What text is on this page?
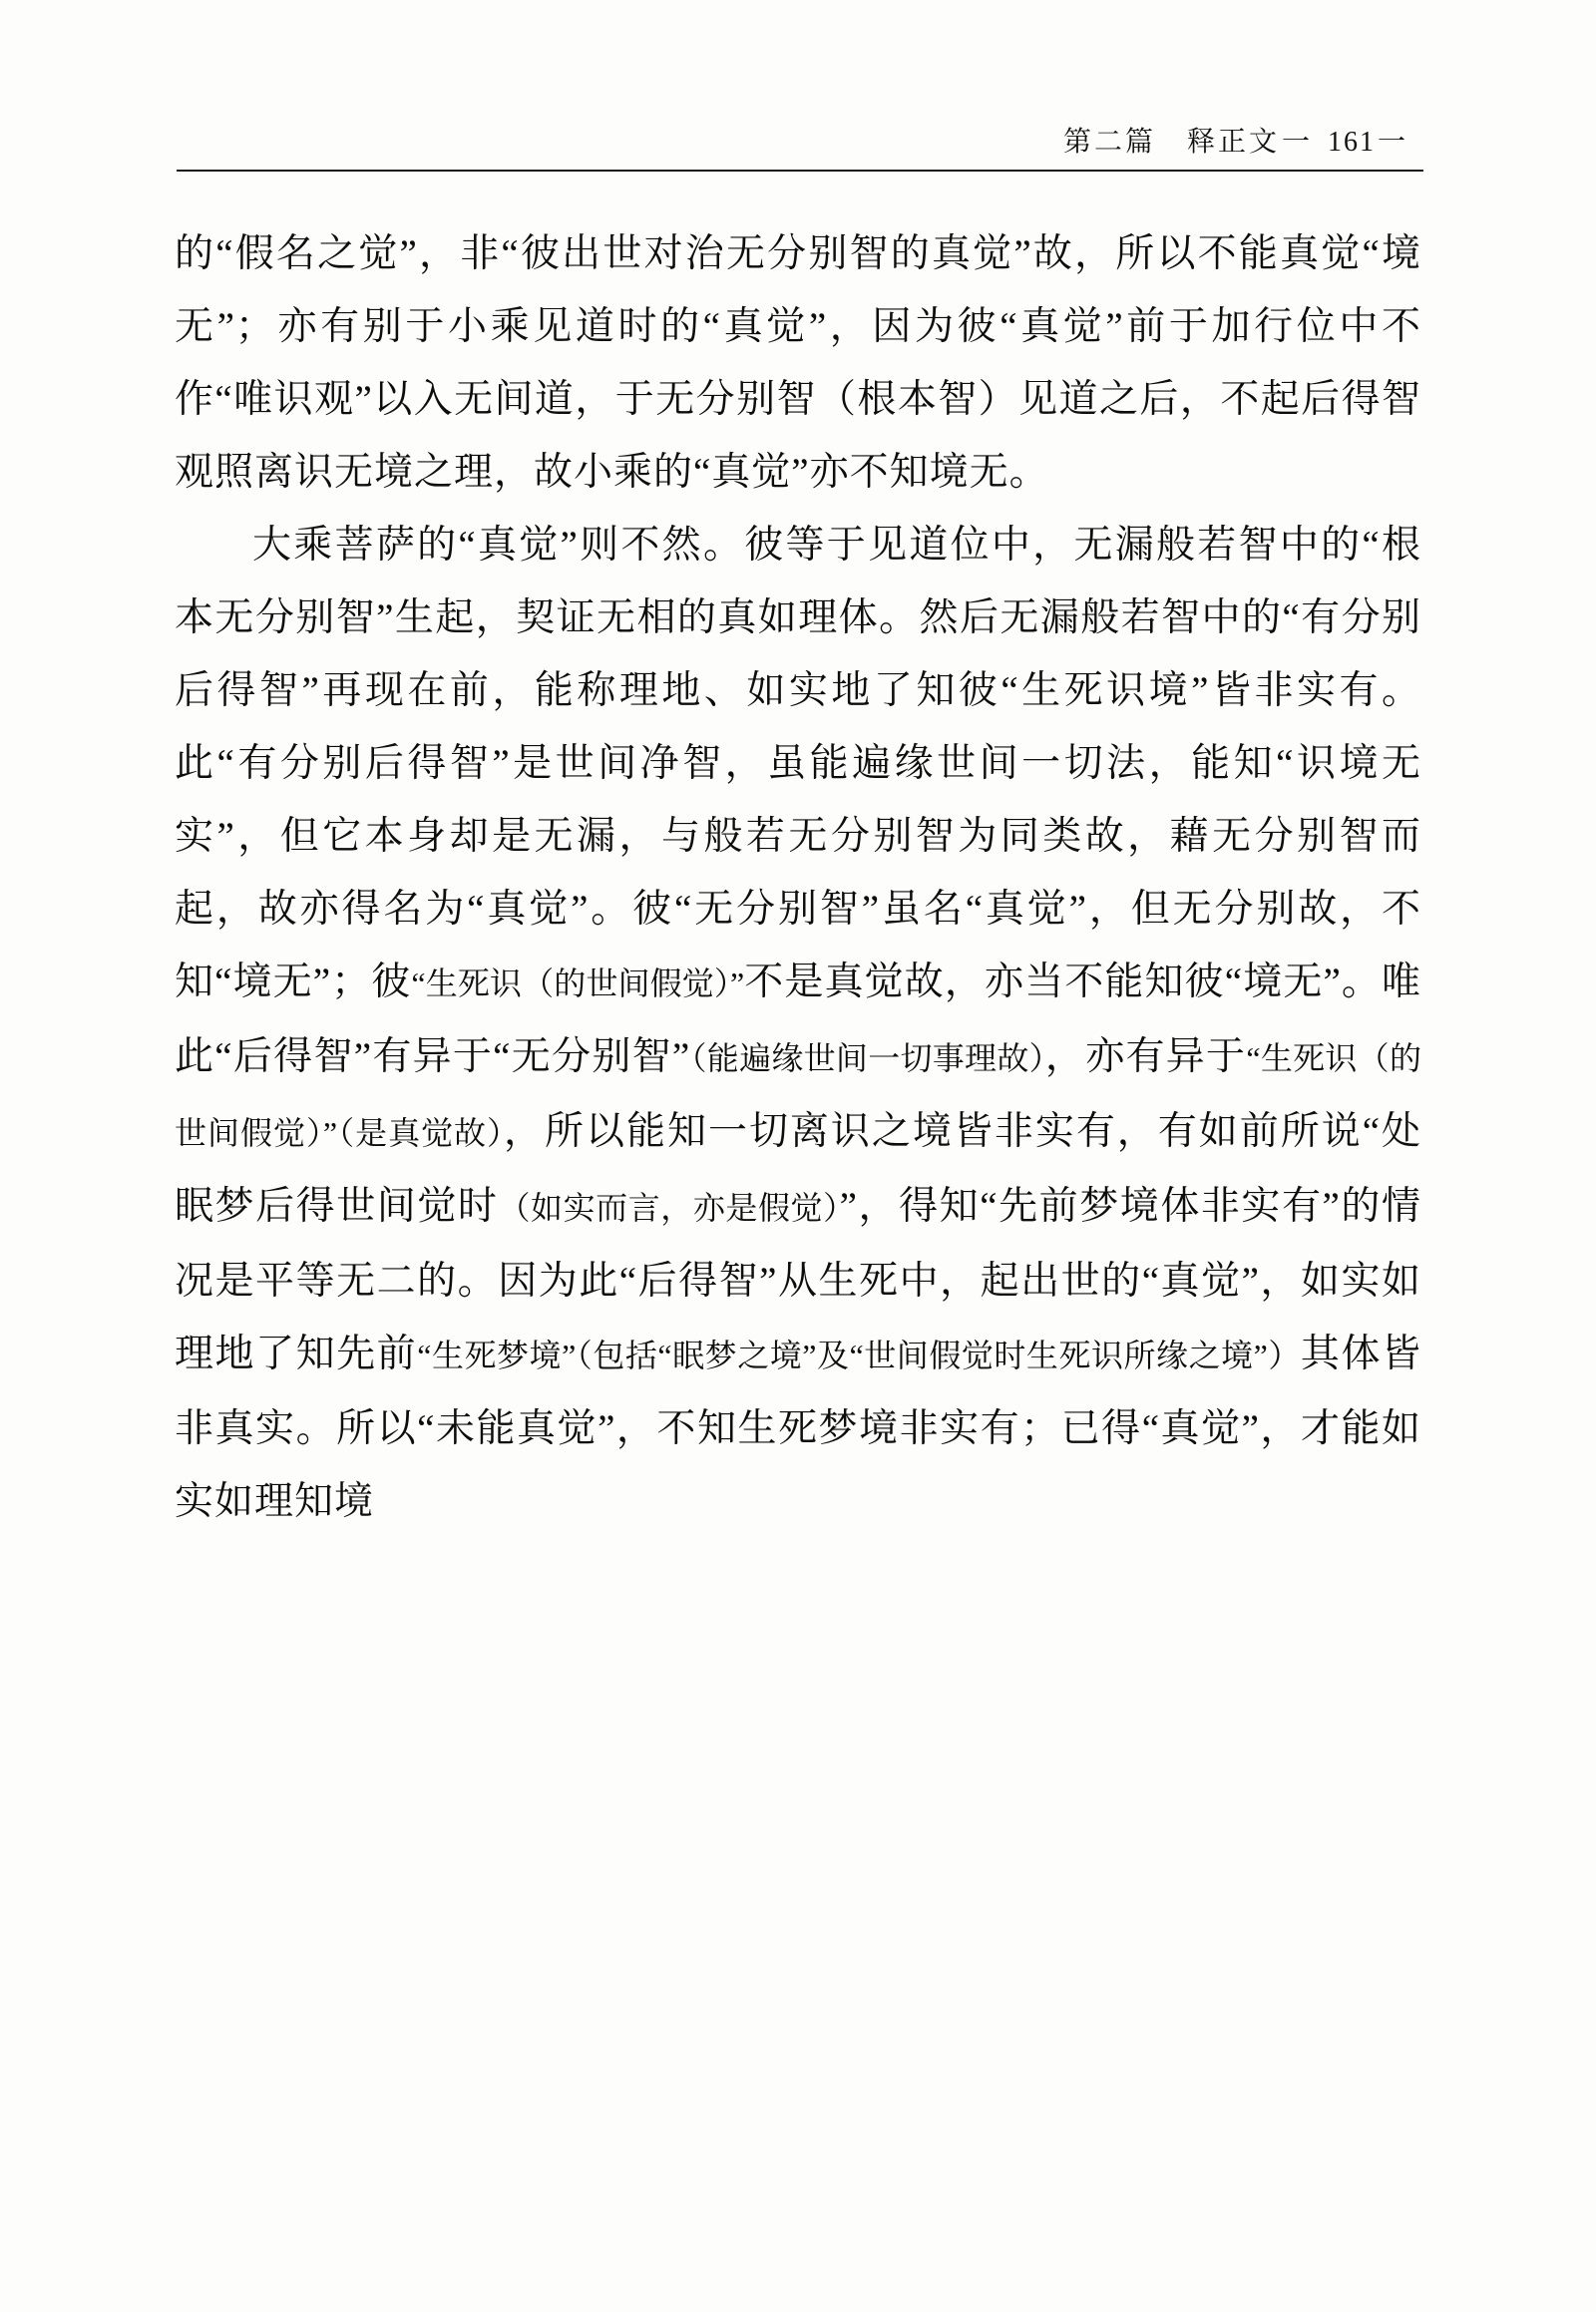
第二篇　释正文 一 161 一

的“假名之觉”，非“彼出世对治无分别智的真觉”故，所以不能真觉“境无”；亦有别于小乘见道时的“真觉”，因为彼“真觉”前于加行位中不作“唯识观”以入无间道，于无分别智（根本智）见道之后，不起后得智观照离识无境之理，故小乘的“真觉”亦不知境无。

大乘菩萨的“真觉”则不然。彼等于见道位中，无漏般若智中的“根本无分别智”生起，契证无相的真如理体。然后无漏般若智中的“有分别后得智”再现在前，能称理地、如实地了知彼“生死识境”皆非实有。此“有分别后得智”是世间净智，虽能遍缘世间一切法，能知“识境无实”，但它本身却是无漏，与般若无分别智为同类故，藉无分别智而起，故亦得名为“真觉”。彼“无分别智”虽名“真觉”，但无分别故，不知“境无”；彼“生死识（的世间假觉）”不是真觉故，亦当不能知彼“境无”。唯此“后得智”有异于“无分别智”（能遍缘世间一切事理故），亦有异于“生死识（的世间假觉）”（是真觉故），所以能知一切离识之境皆非实有，有如前所说“处眠梦后得世间觉时（如实而言，亦是假觉）”，得知“先前梦境体非实有”的情况是平等无二的。因为此“后得智”从生死中，起出世的“真觉”，如实如理地了知先前“生死梦境”（包括“眠梦之境”及“世间假觉时生死识所缘之境”）其体皆非真实。所以“未能真觉”，不知生死梦境非实有；已得“真觉”，才能如实如理知境
